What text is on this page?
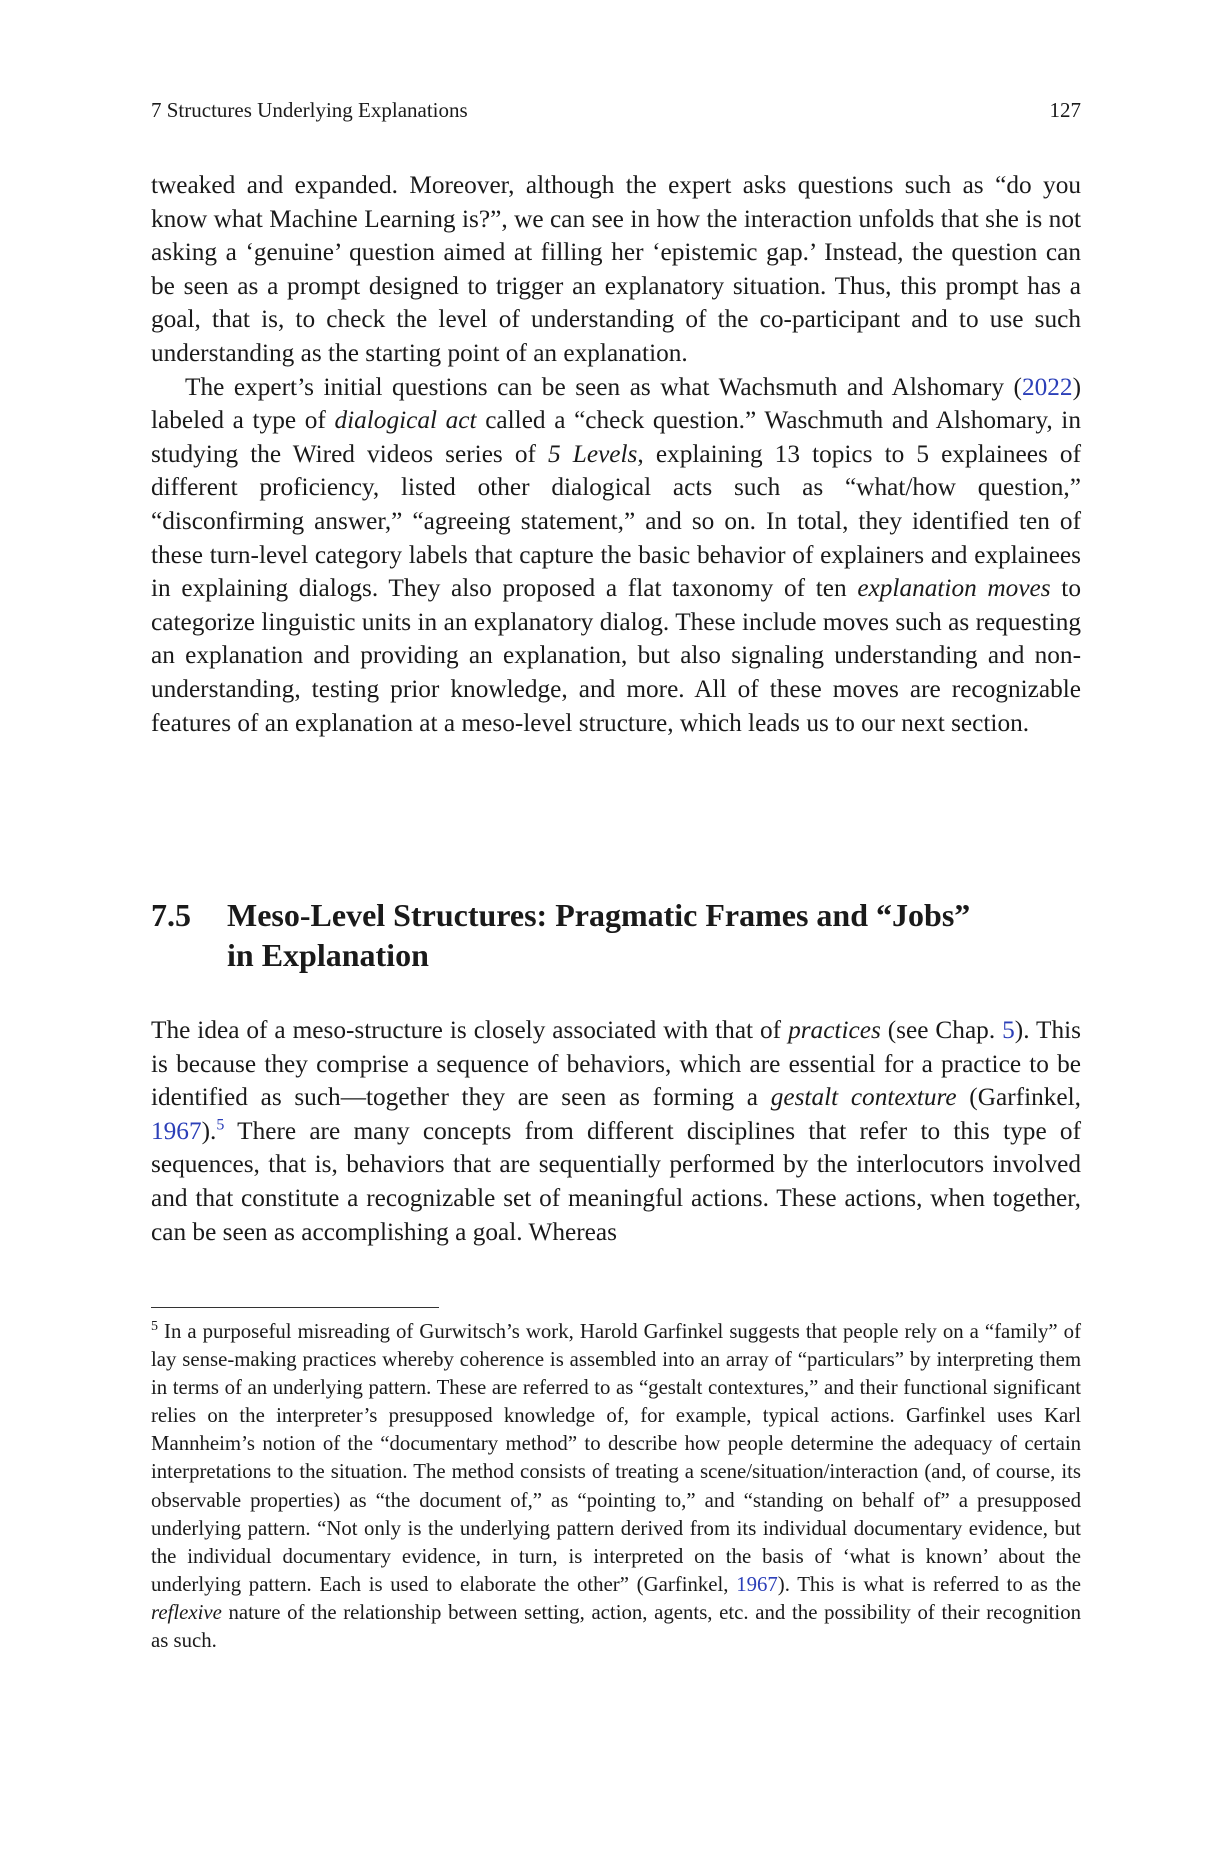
7 Structures Underlying Explanations	127

tweaked and expanded. Moreover, although the expert asks questions such as “do you know what Machine Learning is?”, we can see in how the interaction unfolds that she is not asking a ‘genuine’ question aimed at filling her ‘epistemic gap.’ Instead, the question can be seen as a prompt designed to trigger an explanatory situation. Thus, this prompt has a goal, that is, to check the level of understanding of the co-participant and to use such understanding as the starting point of an explanation.

The expert’s initial questions can be seen as what Wachsmuth and Alshomary (2022) labeled a type of dialogical act called a “check question.” Waschmuth and Alshomary, in studying the Wired videos series of 5 Levels, explaining 13 topics to 5 explainees of different proficiency, listed other dialogical acts such as “what/how question,” “disconfirming answer,” “agreeing statement,” and so on. In total, they identified ten of these turn-level category labels that capture the basic behavior of explainers and explainees in explaining dialogs. They also proposed a flat taxonomy of ten explanation moves to categorize linguistic units in an explanatory dialog. These include moves such as requesting an explanation and providing an explanation, but also signaling understanding and non-understanding, testing prior knowledge, and more. All of these moves are recognizable features of an explanation at a meso-level structure, which leads us to our next section.

7.5 Meso-Level Structures: Pragmatic Frames and “Jobs”
in Explanation

The idea of a meso-structure is closely associated with that of practices (see Chap. 5). This is because they comprise a sequence of behaviors, which are essential for a practice to be identified as such—together they are seen as forming a gestalt contexture (Garfinkel, 1967).$^5$ There are many concepts from different disciplines that refer to this type of sequences, that is, behaviors that are sequentially performed by the interlocutors involved and that constitute a recognizable set of meaningful actions. These actions, when together, can be seen as accomplishing a goal. Whereas

$^5$ In a purposeful misreading of Gurwitsch’s work, Harold Garfinkel suggests that people rely on a “family” of lay sense-making practices whereby coherence is assembled into an array of “particulars” by interpreting them in terms of an underlying pattern. These are referred to as “gestalt contextures,” and their functional significant relies on the interpreter’s presupposed knowledge of, for example, typical actions. Garfinkel uses Karl Mannheim’s notion of the “documentary method” to describe how people determine the adequacy of certain interpretations to the situation. The method consists of treating a scene/situation/interaction (and, of course, its observable properties) as “the document of,” as “pointing to,” and “standing on behalf of” a presupposed underlying pattern. “Not only is the underlying pattern derived from its individual documentary evidence, but the individual documentary evidence, in turn, is interpreted on the basis of ‘what is known’ about the underlying pattern. Each is used to elaborate the other” (Garfinkel, 1967). This is what is referred to as the reflexive nature of the relationship between setting, action, agents, etc. and the possibility of their recognition as such.
